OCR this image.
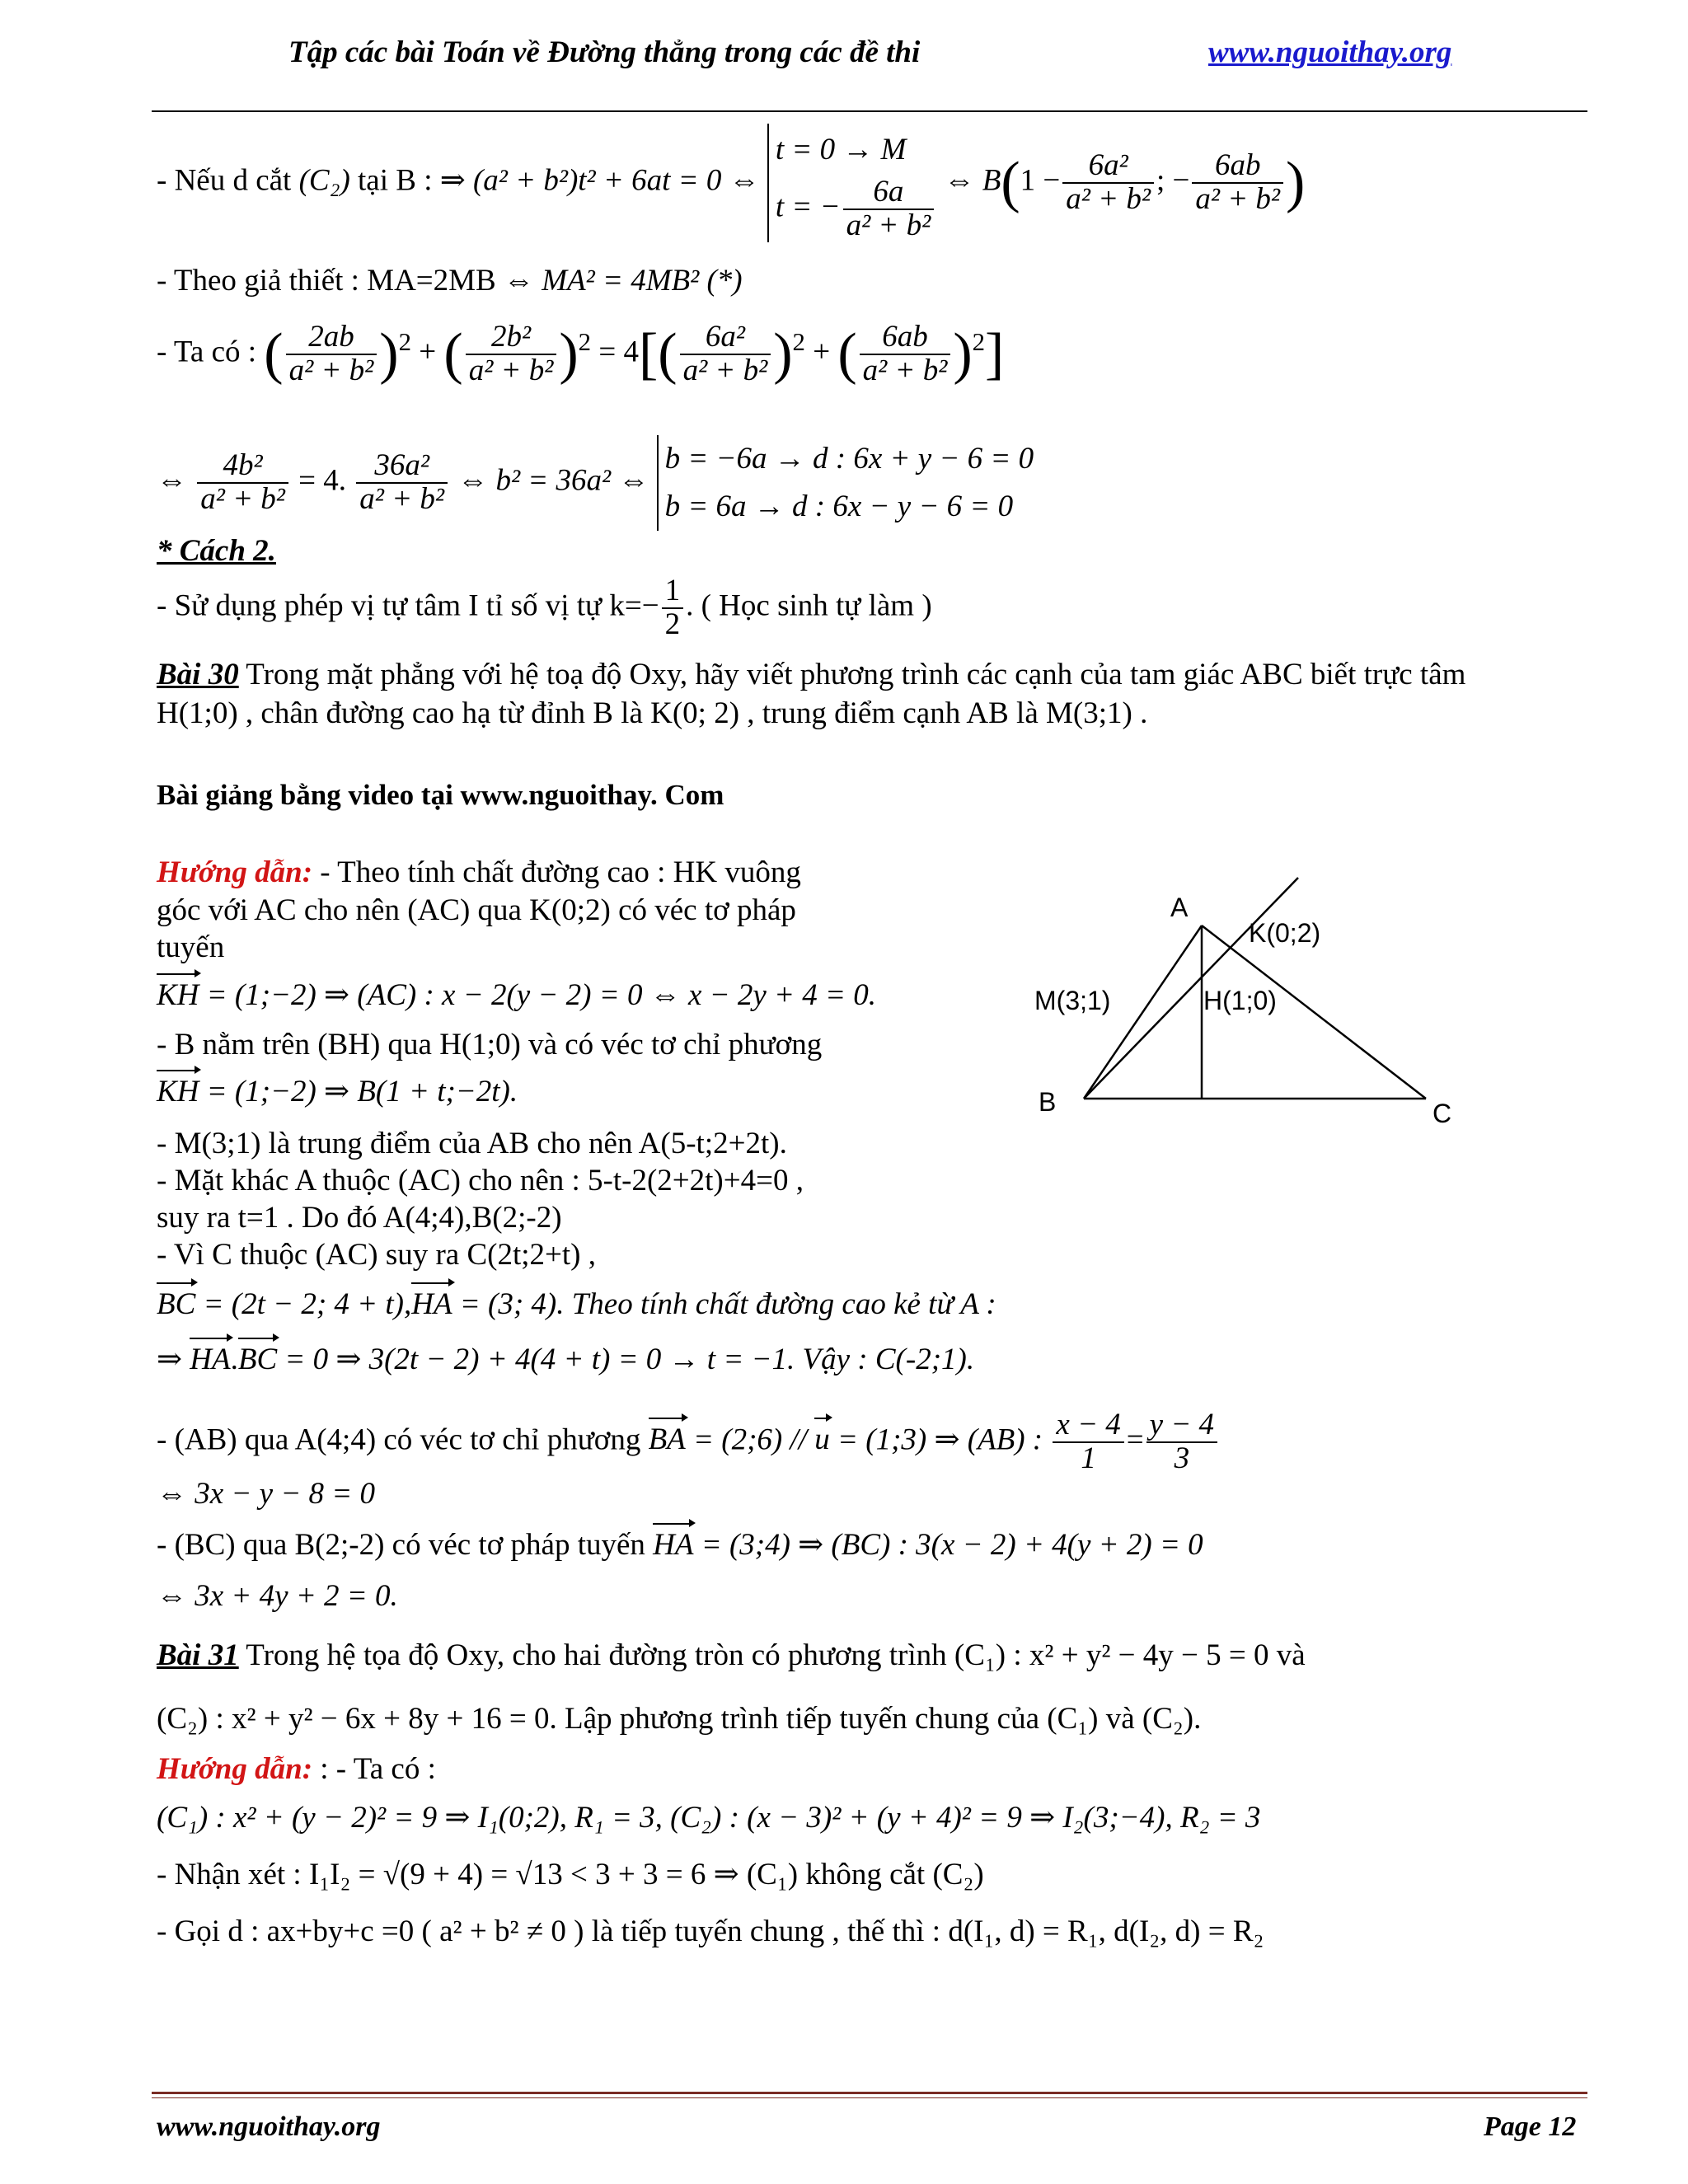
Tập các bài Toán về Đường thẳng trong các đề thi	www.nguoithay.org
- Nếu d cắt (C₂) tại B : ⇒ (a² + b²)t² + 6at = 0 ⇔
t = 0 → M
t = − $\frac{6a}{\text{a² + b²}}$ ⇔ $B(1 - \frac{\text{6a²}}{\text{a² + b²}}$ ; − $\frac{6ab}{\text{a² + b²}}$ )
- Theo giả thiết : MA=2MB ⇔ MA² = 4MB² (*)
- Ta có : ( $\frac{2ab}{\text{a² + b²}} )^2$ + ( $\frac{\text{2b²}}{\text{a² + b²}} )^2 = 4[( \frac{\text{6a²}}{\text{a² + b²}} )^2$ + ( $\frac{6ab}{\text{a² + b²}} )^2$]
⇔ $\frac{\text{4b²}}{\text{a² + b²}} = 4$. $\frac{\text{36a²}}{\text{a² + b²}}$ ⇔ b² = 36a² ⇔
b = −6a → d : 6x + y − 6 = 0
b = 6a → d : 6x − y − 6 = 0
* Cách 2.
- Sử dụng phép vị tự tâm I tỉ số vị tự $k=- \frac{1}{2}$ . ( Học sinh tự làm )
Bài 30 Trong mặt phẳng với hệ toạ độ Oxy, hãy viết phương trình các cạnh của tam giác ABC biết trực tâm
H(1;0) , chân đường cao hạ từ đỉnh B là K(0; 2) , trung điểm cạnh AB là M(3;1) .
Bài giảng bằng video tại www.nguoithay. Com
Hướng dẫn: - Theo tính chất đường cao : HK vuông
góc với AC cho nên (AC) qua K(0;2) có véc tơ pháp
tuyến
KH = (1;−2) ⇒ (AC) : x − 2(y − 2) = 0 ⇔ x − 2y + 4 = 0.
- B nằm trên (BH) qua H(1;0) và có véc tơ chỉ phương
KH = (1;−2) ⇒ B(1 + t;−2t).
- M(3;1) là trung điểm của AB cho nên A(5-t;2+2t).
- Mặt khác A thuộc (AC) cho nên : 5-t-2(2+2t)+4=0 ,
suy ra t=1 . Do đó A(4;4),B(2;-2)
- Vì C thuộc (AC) suy ra C(2t;2+t) ,
BC = (2t − 2; 4 + t),HA = (3; 4). Theo tính chất đường cao kẻ từ A :
⇒ HA.BC = 0 ⇒ 3(2t − 2) + 4(4 + t) = 0 → t = −1. Vậy : C(-2;1).
- (AB) qua A(4;4) có véc tơ chỉ phương BA = (2;6) // u = (1;3) ⇒ (AB) : $\frac{x - 4}{1} = \frac{y - 4}{3}$
⇔ 3x − y − 8 = 0
- (BC) qua B(2;-2) có véc tơ pháp tuyến HA = (3;4) ⇒ (BC) : 3(x − 2) + 4(y + 2) = 0
⇔ 3x + 4y + 2 = 0.
Bài 31 Trong hệ tọa độ Oxy, cho hai đường tròn có phương trình (C₁) : x² + y² − 4y − 5 = 0 và
(C₂) : x² + y² − 6x + 8y + 16 = 0. Lập phương trình tiếp tuyến chung của (C₁) và (C₂).
Hướng dẫn: : - Ta có :
(C₁) : x² + (y − 2)² = 9 ⇒ I₁(0;2), R₁ = 3, (C₂) : (x − 3)² + (y + 4)² = 9 ⇒ I₂(3;−4), R₂ = 3
- Nhận xét : I₁I₂ = √(9 + 4) = √13 < 3 + 3 = 6 ⇒ (C₁) không cắt (C₂)
- Gọi d : ax+by+c =0 ( a² + b² ≠ 0 ) là tiếp tuyến chung , thế thì : d(I₁, d) = R₁, d(I₂, d) = R₂
A
K(0;2)
M(3;1)	H(1;0)
B	C
www.nguoithay.org	Page 12
